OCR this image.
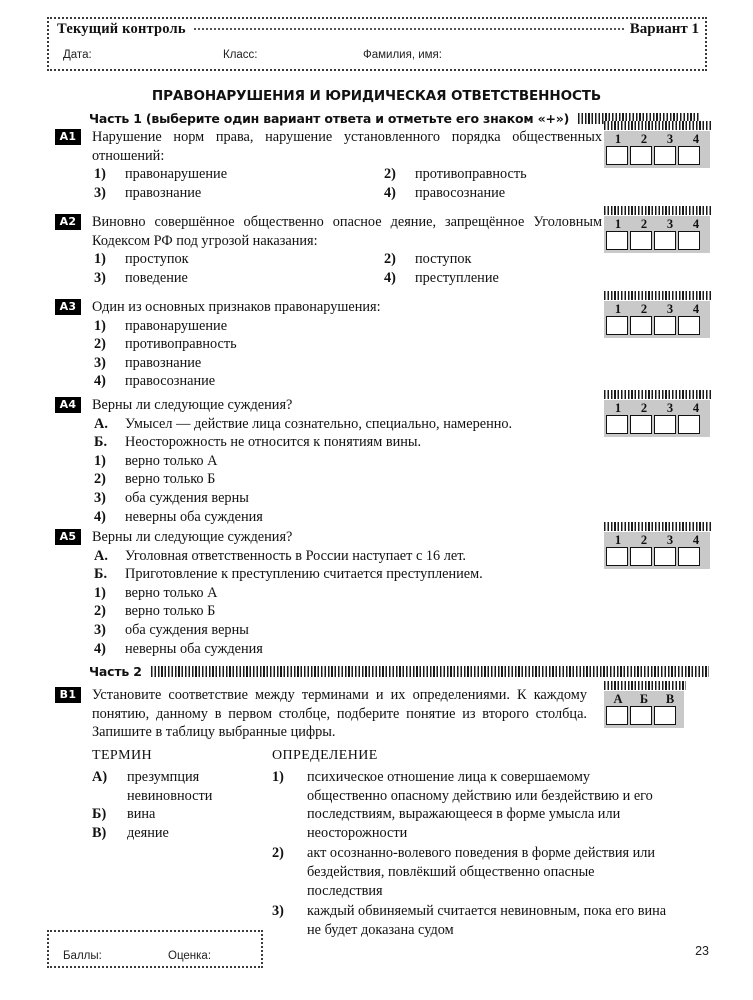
Текущий контроль	Вариант 1
Дата:	Класс:	Фамилия, имя:
ПРАВОНАРУШЕНИЯ И ЮРИДИЧЕСКАЯ ОТВЕТСТВЕННОСТЬ
Часть 1 (выберите один вариант ответа и отметьте его знаком «+»)
A1	Нарушение норм права, нарушение установленного порядка общественных отношений:
1) правонарушение	2) противоправность
3) правознание	4) правосознание
1	2	3	4
A2	Виновно совершённое общественно опасное деяние, запрещённое Уголовным Кодексом РФ под угрозой наказания:
1) проступок	2) поступок
3) поведение	4) преступление
1	2	3	4
A3	Один из основных признаков правонарушения:
1) правонарушение
2) противоправность
3) правознание
4) правосознание
1	2	3	4
A4	Верны ли следующие суждения?
А. Умысел — действие лица сознательно, специально, намеренно.
Б. Неосторожность не относится к понятиям вины.
1) верно только А
2) верно только Б
3) оба суждения верны
4) неверны оба суждения
1	2	3	4
A5	Верны ли следующие суждения?
А. Уголовная ответственность в России наступает с 16 лет.
Б. Приготовление к преступлению считается преступлением.
1) верно только А
2) верно только Б
3) оба суждения верны
4) неверны оба суждения
1	2	3	4
Часть 2
B1	Установите соответствие между терминами и их определениями. К каждому понятию, данному в первом столбце, подберите понятие из второго столбца. Запишите в таблицу выбранные цифры.
А	Б	В
ТЕРМИН	ОПРЕДЕЛЕНИЕ
А) презумпция невиновности
Б) вина
В) деяние
1) психическое отношение лица к совершаемому общественно опасному действию или бездействию и его последствиям, выражающееся в форме умысла или неосторожности
2) акт осознанно-волевого поведения в форме действия или бездействия, повлёкший общественно опасные последствия
3) каждый обвиняемый считается невиновным, пока его вина не будет доказана судом
Баллы:	Оценка:	23
